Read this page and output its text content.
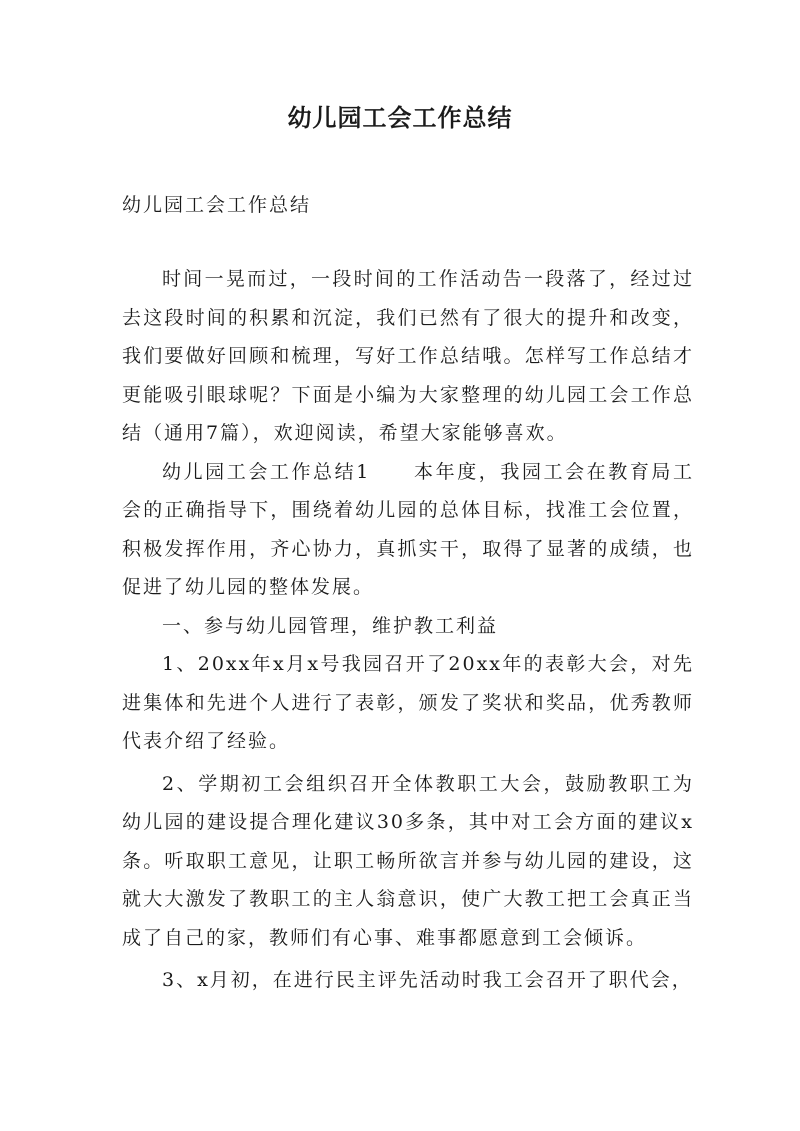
幼儿园工会工作总结
幼儿园工会工作总结

时间一晃而过，一段时间的工作活动告一段落了，经过过去这段时间的积累和沉淀，我们已然有了很大的提升和改变，我们要做好回顾和梳理，写好工作总结哦。怎样写工作总结才更能吸引眼球呢？下面是小编为大家整理的幼儿园工会工作总结（通用7篇），欢迎阅读，希望大家能够喜欢。

幼儿园工会工作总结1　　本年度，我园工会在教育局工会的正确指导下，围绕着幼儿园的总体目标，找准工会位置，积极发挥作用，齐心协力，真抓实干，取得了显著的成绩，也促进了幼儿园的整体发展。

一、参与幼儿园管理，维护教工利益

1、20xx年x月x号我园召开了20xx年的表彰大会，对先进集体和先进个人进行了表彰，颁发了奖状和奖品，优秀教师代表介绍了经验。

2、学期初工会组织召开全体教职工大会，鼓励教职工为幼儿园的建设提合理化建议30多条，其中对工会方面的建议x条。听取职工意见，让职工畅所欲言并参与幼儿园的建设，这就大大激发了教职工的主人翁意识，使广大教工把工会真正当成了自己的家，教师们有心事、难事都愿意到工会倾诉。

3、x月初，在进行民主评先活动时我工会召开了职代会，
